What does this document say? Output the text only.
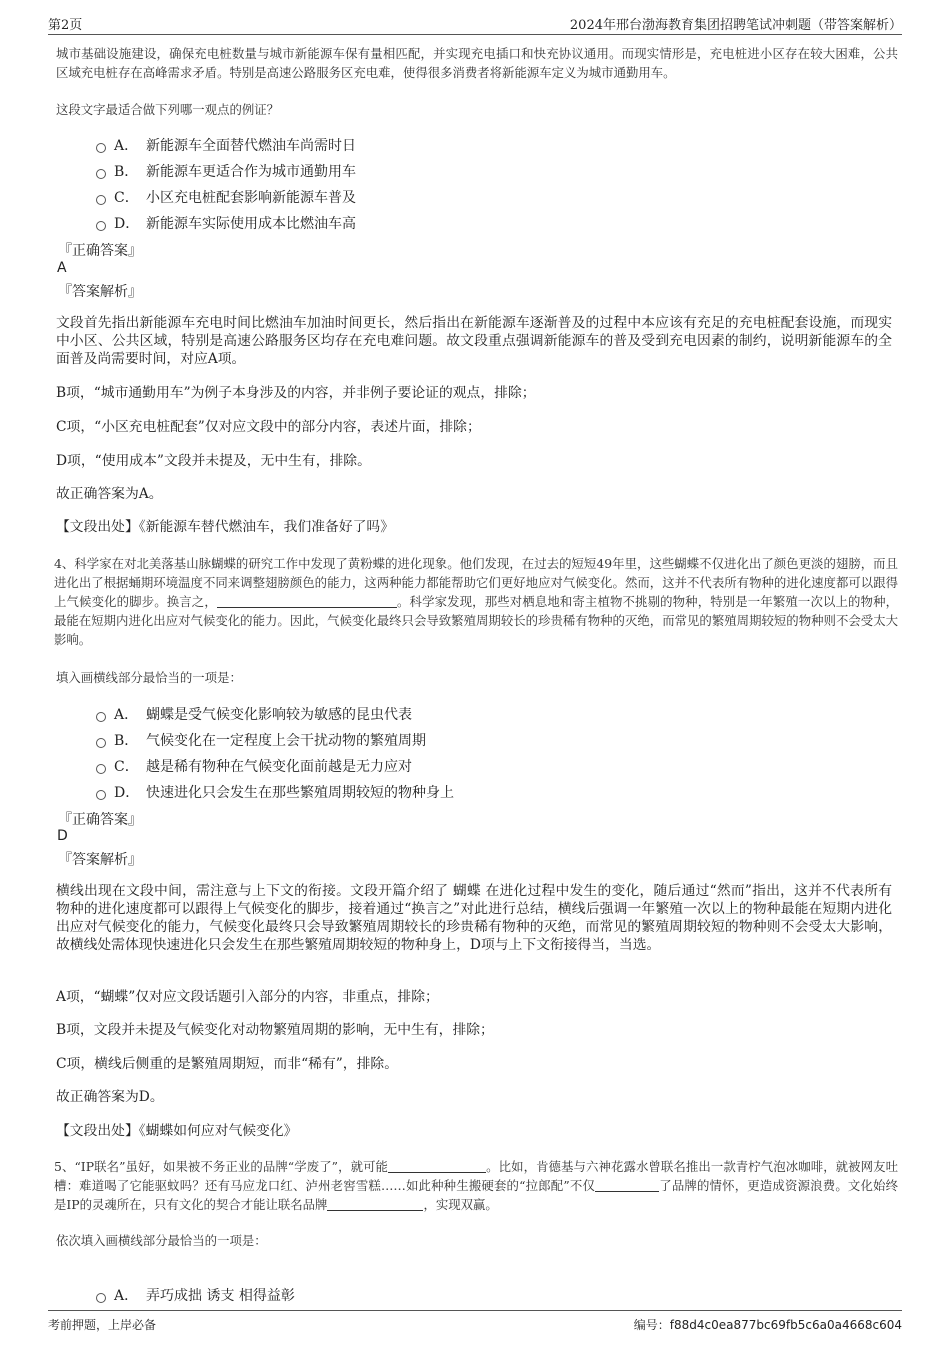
第2页	2024年邢台渤海教育集团招聘笔试冲刺题（带答案解析）
城市基础设施建设，确保充电桩数量与城市新能源车保有量相匹配，并实现充电插口和快充协议通用。而现实情形是，充电桩进小区存在较大困难，公共区域充电桩存在高峰需求矛盾。特别是高速公路服务区充电难，使得很多消费者将新能源车定义为城市通勤用车。
这段文字最适合做下列哪一观点的例证？
A． 新能源车全面替代燃油车尚需时日
B． 新能源车更适合作为城市通勤用车
C． 小区充电桩配套影响新能源车普及
D． 新能源车实际使用成本比燃油车高
『正确答案』
A
『答案解析』
文段首先指出新能源车充电时间比燃油车加油时间更长，然后指出在新能源车逐渐普及的过程中本应该有充足的充电桩配套设施，而现实中小区、公共区域，特别是高速公路服务区均存在充电难问题。故文段重点强调新能源车的普及受到充电因素的制约，说明新能源车的全面普及尚需要时间，对应A项。
B项，“城市通勤用车”为例子本身涉及的内容，并非例子要论证的观点，排除；
C项，“小区充电桩配套”仅对应文段中的部分内容，表述片面，排除；
D项，“使用成本”文段并未提及，无中生有，排除。
故正确答案为A。
【文段出处】《新能源车替代燃油车，我们准备好了吗》
4、科学家在对北美落基山脉蝴蝶的研究工作中发现了黄粉蝶的进化现象。他们发现，在过去的短短49年里，这些蝴蝶不仅进化出了颜色更淡的翅膀，而且进化出了根据蛹期环境温度不同来调整翅膀颜色的能力，这两种能力都能帮助它们更好地应对气候变化。然而，这并不代表所有物种的进化速度都可以跟得上气候变化的脚步。换言之，	。科学家发现，那些对栖息地和寄主植物不挑剔的物种，特别是一年繁殖一次以上的物种，最能在短期内进化出应对气候变化的能力。因此，气候变化最终只会导致繁殖周期较长的珍贵稀有物种的灭绝，而常见的繁殖周期较短的物种则不会受太大影响。
填入画横线部分最恰当的一项是：
A． 蝴蝶是受气候变化影响较为敏感的昆虫代表
B． 气候变化在一定程度上会干扰动物的繁殖周期
C． 越是稀有物种在气候变化面前越是无力应对
D． 快速进化只会发生在那些繁殖周期较短的物种身上
『正确答案』
D
『答案解析』
横线出现在文段中间，需注意与上下文的衔接。文段开篇介绍了 蝴蝶 在进化过程中发生的变化，随后通过“然而”指出，这并不代表所有物种的进化速度都可以跟得上气候变化的脚步，接着通过“换言之”对此进行总结，横线后强调一年繁殖一次以上的物种最能在短期内进化出应对气候变化的能力，气候变化最终只会导致繁殖周期较长的珍贵稀有物种的灭绝，而常见的繁殖周期较短的物种则不会受太大影响，故横线处需体现快速进化只会发生在那些繁殖周期较短的物种身上，D项与上下文衔接得当，当选。
A项，“蝴蝶”仅对应文段话题引入部分的内容，非重点，排除；
B项，文段并未提及气候变化对动物繁殖周期的影响，无中生有，排除；
C项，横线后侧重的是繁殖周期短，而非“稀有”，排除。
故正确答案为D。
【文段出处】《蝴蝶如何应对气候变化》
5、“IP联名”虽好，如果被不务正业的品牌“学废了”，就可能	。比如，肯德基与六神花露水曾联名推出一款青柠气泡冰咖啡，就被网友吐槽：难道喝了它能驱蚊吗？还有马应龙口红、泸州老窖雪糕……如此种种生搬硬套的“拉郎配”不仅	了品牌的情怀，更造成资源浪费。文化始终是IP的灵魂所在，只有文化的契合才能让联名品牌	，实现双赢。
依次填入画横线部分最恰当的一项是：
A． 弄巧成拙 诱支 相得益彰
考前押题，上岸必备	编号：f88d4c0ea877bc69fb5c6a0a4668c604
